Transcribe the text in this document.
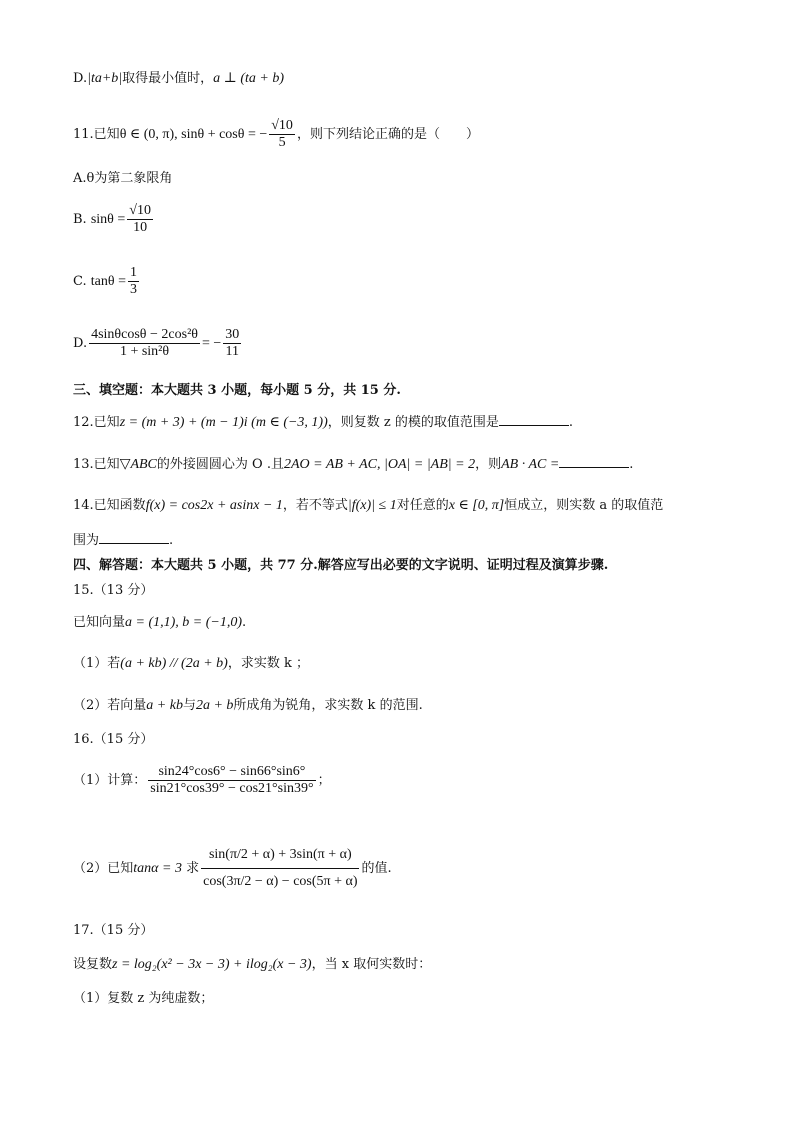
D.|ta+b|取得最小值时，a ⊥ (ta + b)
11.已知θ ∈ (0, π), sinθ + cosθ = − $\frac{√10}{5}$ ，则下列结论正确的是（　　）
A.θ为第二象限角
B. $\sin\theta = \frac{√10}{10}$
C. $\tan\theta = \frac{1}{3}$
D. $\frac{\text{4sinθcosθ − 2cos²θ}}{\text{1 + sin²θ}}$ = − $\frac{30}{11}$
三、填空题：本大题共 3 小题，每小题 5 分，共 15 分.
12.已知z = (m + 3) + (m − 1)i (m ∈ (−3, 1))，则复数 z 的模的取值范围是	.
13.已知▽ABC的外接圆圆心为 O .且2AO = AB + AC, |OA| = |AB| = 2，则AB · AC =	.
14.已知函数f(x) = cos2x + asinx − 1，若不等式|f(x)| ≤ 1对任意的x ∈ [0, π]恒成立，则实数 a 的取值范
围为	.
四、解答题：本大题共 5 小题，共 77 分.解答应写出必要的文字说明、证明过程及演算步骤.
15.（13 分）
已知向量a = (1,1), b = (−1,0).
（1）若(a + kb) // (2a + b)，求实数 k ；
（2）若向量a + kb与2a + b所成角为锐角，求实数 k 的范围.
16.（15 分）
（1）计算： $\frac{\sin 24^\circ\cos 6^\circ - \sin 66^\circ\sin 6^\circ}{\sin 21^\circ\cos 39^\circ - \cos 21^\circ\sin 39^\circ}$ ；
（2）已知tanα = 3 求 $\frac{\sin(\pi/2 + \alpha) + 3\sin(\pi + \alpha)}{\cos(3\pi/2 - \alpha) - \cos(5\pi + \alpha)}$ 的值.
17.（15 分）
设复数z = log₂(x² − 3x − 3) + ilog₂(x − 3)，当 x 取何实数时：
（1）复数 z 为纯虚数；
